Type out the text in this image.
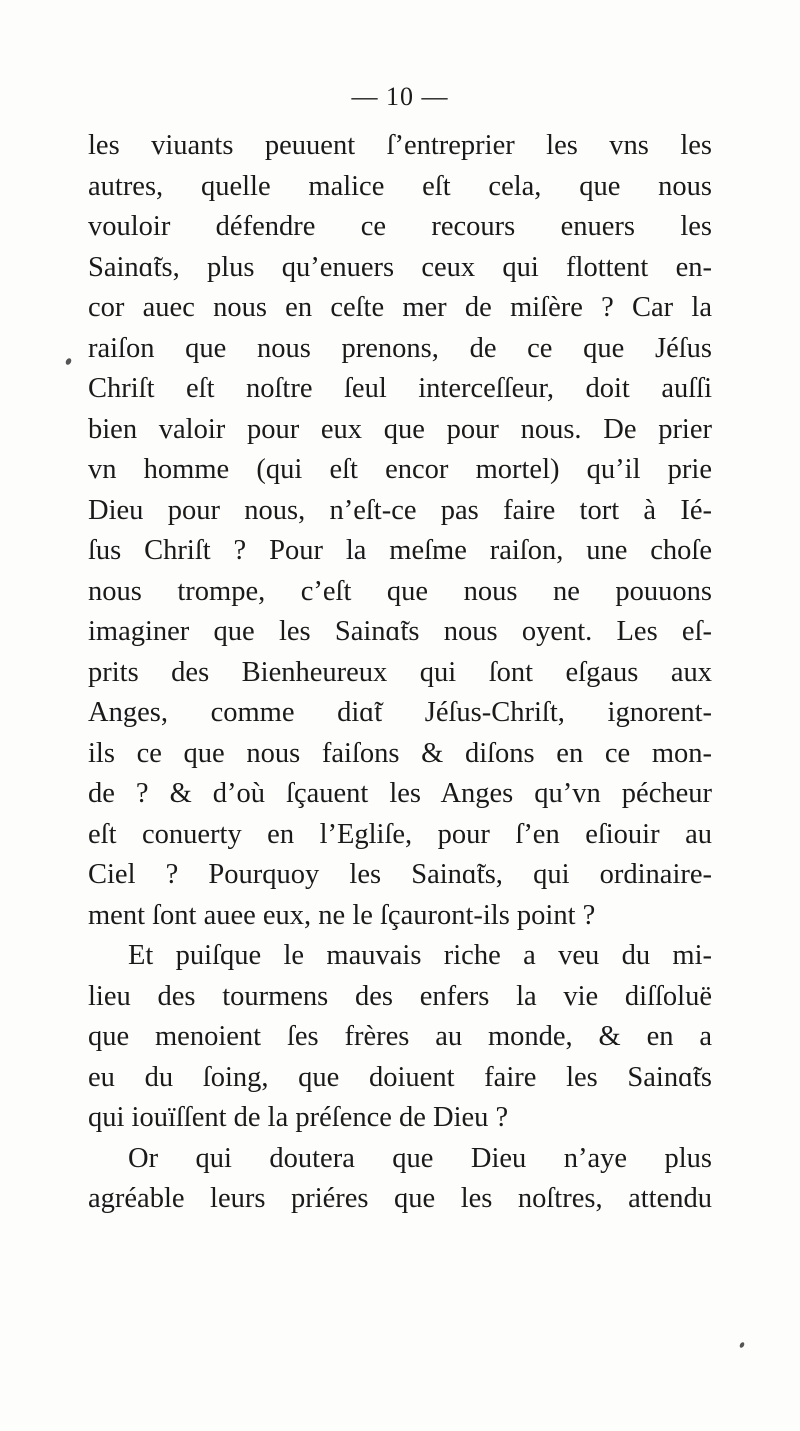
— 10 —
les viuants peuuent ſ’entreprier les vns les
autres, quelle malice eſt cela, que nous
vouloir défendre ce recours enuers les
Sainɑ̃ts, plus qu’enuers ceux qui flottent en-
cor auec nous en ceſte mer de miſère ? Car la
raiſon que nous prenons, de ce que Jéſus
Chriſt eſt noſtre ſeul interceſſeur, doit auſſi
bien valoir pour eux que pour nous. De prier
vn homme (qui eſt encor mortel) qu’il prie
Dieu pour nous, n’eſt-ce pas faire tort à Ié-
ſus Chriſt ? Pour la meſme raiſon, une choſe
nous trompe, c’eſt que nous ne pouuons
imaginer que les Sainɑ̃ts nous oyent. Les eſ-
prits des Bienheureux qui ſont eſgaus aux
Anges, comme diɑ̃t Jéſus-Chriſt, ignorent-
ils ce que nous faiſons & diſons en ce mon-
de ? & d’où ſçauent les Anges qu’vn pécheur
eſt conuerty en l’Egliſe, pour ſ’en eſiouir au
Ciel ? Pourquoy les Sainɑ̃ts, qui ordinaire-
ment ſont auee eux, ne le ſçauront-ils point ?
Et puiſque le mauvais riche a veu du mi-
lieu des tourmens des enfers la vie diſſoluë
que menoient ſes frères au monde, & en a
eu du ſoing, que doiuent faire les Sainɑ̃ts
qui iouïſſent de la préſence de Dieu ?
Or qui doutera que Dieu n’aye plus
agréable leurs priéres que les noſtres, attendu
